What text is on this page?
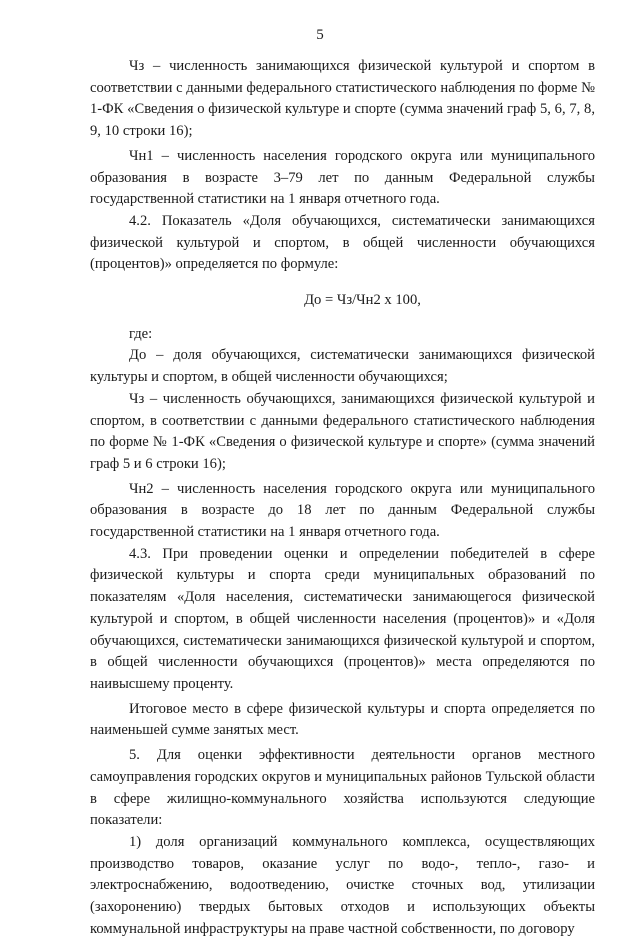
5

Чз – численность занимающихся физической культурой и спортом в соответствии с данными федерального статистического наблюдения по форме № 1-ФК «Сведения о физической культуре и спорте (сумма значений граф 5, 6, 7, 8, 9, 10 строки 16);

Чн1 – численность населения городского округа или муниципального образования в возрасте 3–79 лет по данным Федеральной службы государственной статистики на 1 января отчетного года.

4.2. Показатель «Доля обучающихся, систематически занимающихся физической культурой и спортом, в общей численности обучающихся (процентов)» определяется по формуле:

До = Чз/Чн2 х 100,

где:

До – доля обучающихся, систематически занимающихся физической культуры и спортом, в общей численности обучающихся;

Чз – численность обучающихся, занимающихся физической культурой и спортом, в соответствии с данными федерального статистического наблюдения по форме № 1-ФК «Сведения о физической культуре и спорте» (сумма значений граф 5 и 6 строки 16);

Чн2 – численность населения городского округа или муниципального образования в возрасте до 18 лет по данным Федеральной службы государственной статистики на 1 января отчетного года.

4.3. При проведении оценки и определении победителей в сфере физической культуры и спорта среди муниципальных образований по показателям «Доля населения, систематически занимающегося физической культурой и спортом, в общей численности населения (процентов)» и «Доля обучающихся, систематически занимающихся физической культурой и спортом, в общей численности обучающихся (процентов)» места определяются по наивысшему проценту.

Итоговое место в сфере физической культуры и спорта определяется по наименьшей сумме занятых мест.

5. Для оценки эффективности деятельности органов местного самоуправления городских округов и муниципальных районов Тульской области в сфере жилищно-коммунального хозяйства используются следующие показатели:

1) доля организаций коммунального комплекса, осуществляющих производство товаров, оказание услуг по водо-, тепло-, газо- и электроснабжению, водоотведению, очистке сточных вод, утилизации (захоронению) твердых бытовых отходов и использующих объекты коммунальной инфраструктуры на праве частной собственности, по договору
